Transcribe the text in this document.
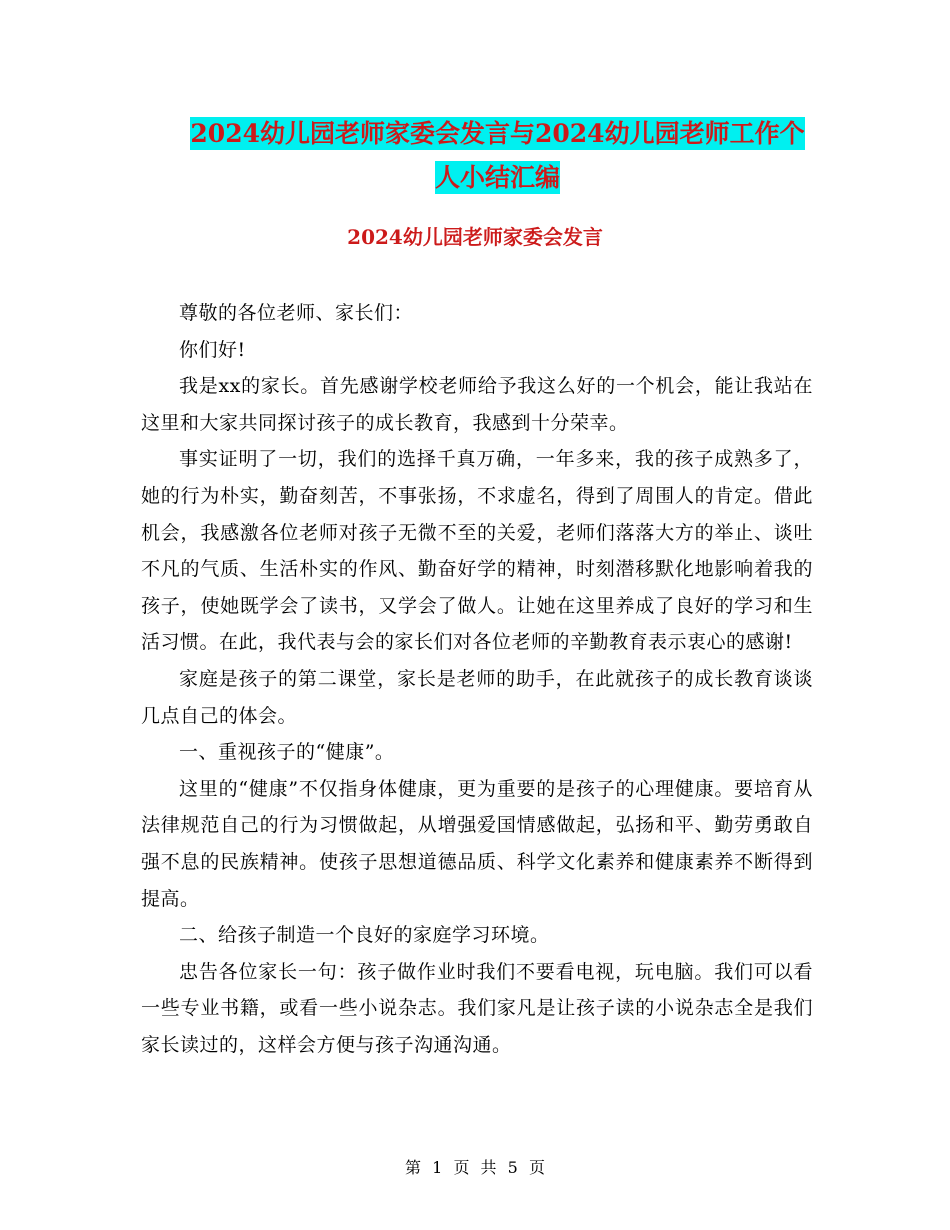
2024幼儿园老师家委会发言与2024幼儿园老师工作个
人小结汇编
2024幼儿园老师家委会发言

尊敬的各位老师、家长们：

你们好!

我是xx的家长。首先感谢学校老师给予我这么好的一个机会，能让我站在这里和大家共同探讨孩子的成长教育，我感到十分荣幸。

事实证明了一切，我们的选择千真万确，一年多来，我的孩子成熟多了，她的行为朴实，勤奋刻苦，不事张扬，不求虚名，得到了周围人的肯定。借此机会，我感激各位老师对孩子无微不至的关爱，老师们落落大方的举止、谈吐不凡的气质、生活朴实的作风、勤奋好学的精神，时刻潜移默化地影响着我的孩子，使她既学会了读书，又学会了做人。让她在这里养成了良好的学习和生活习惯。在此，我代表与会的家长们对各位老师的辛勤教育表示衷心的感谢!

家庭是孩子的第二课堂，家长是老师的助手，在此就孩子的成长教育谈谈几点自己的体会。

一、重视孩子的“健康”。

这里的“健康”不仅指身体健康，更为重要的是孩子的心理健康。要培育从法律规范自己的行为习惯做起，从增强爱国情感做起，弘扬和平、勤劳勇敢自强不息的民族精神。使孩子思想道德品质、科学文化素养和健康素养不断得到提高。

二、给孩子制造一个良好的家庭学习环境。

忠告各位家长一句：孩子做作业时我们不要看电视，玩电脑。我们可以看一些专业书籍，或看一些小说杂志。我们家凡是让孩子读的小说杂志全是我们家长读过的，这样会方便与孩子沟通沟通。

第 1 页 共 5 页
